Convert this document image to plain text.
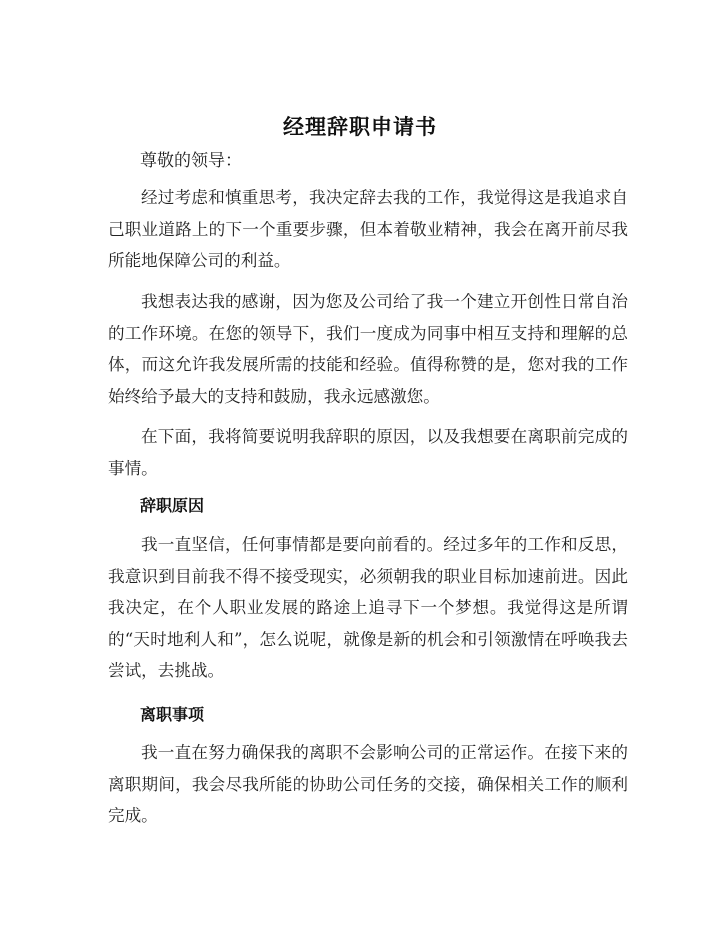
经理辞职申请书
尊敬的领导：

经过考虑和慎重思考，我决定辞去我的工作，我觉得这是我追求自己职业道路上的下一个重要步骤，但本着敬业精神，我会在离开前尽我所能地保障公司的利益。

我想表达我的感谢，因为您及公司给了我一个建立开创性日常自治的工作环境。在您的领导下，我们一度成为同事中相互支持和理解的总体，而这允许我发展所需的技能和经验。值得称赞的是，您对我的工作始终给予最大的支持和鼓励，我永远感激您。

在下面，我将简要说明我辞职的原因，以及我想要在离职前完成的事情。

辞职原因

我一直坚信，任何事情都是要向前看的。经过多年的工作和反思，我意识到目前我不得不接受现实，必须朝我的职业目标加速前进。因此我决定，在个人职业发展的路途上追寻下一个梦想。我觉得这是所谓的“天时地利人和”，怎么说呢，就像是新的机会和引领激情在呼唤我去尝试，去挑战。

离职事项

我一直在努力确保我的离职不会影响公司的正常运作。在接下来的离职期间，我会尽我所能的协助公司任务的交接，确保相关工作的顺利完成。
